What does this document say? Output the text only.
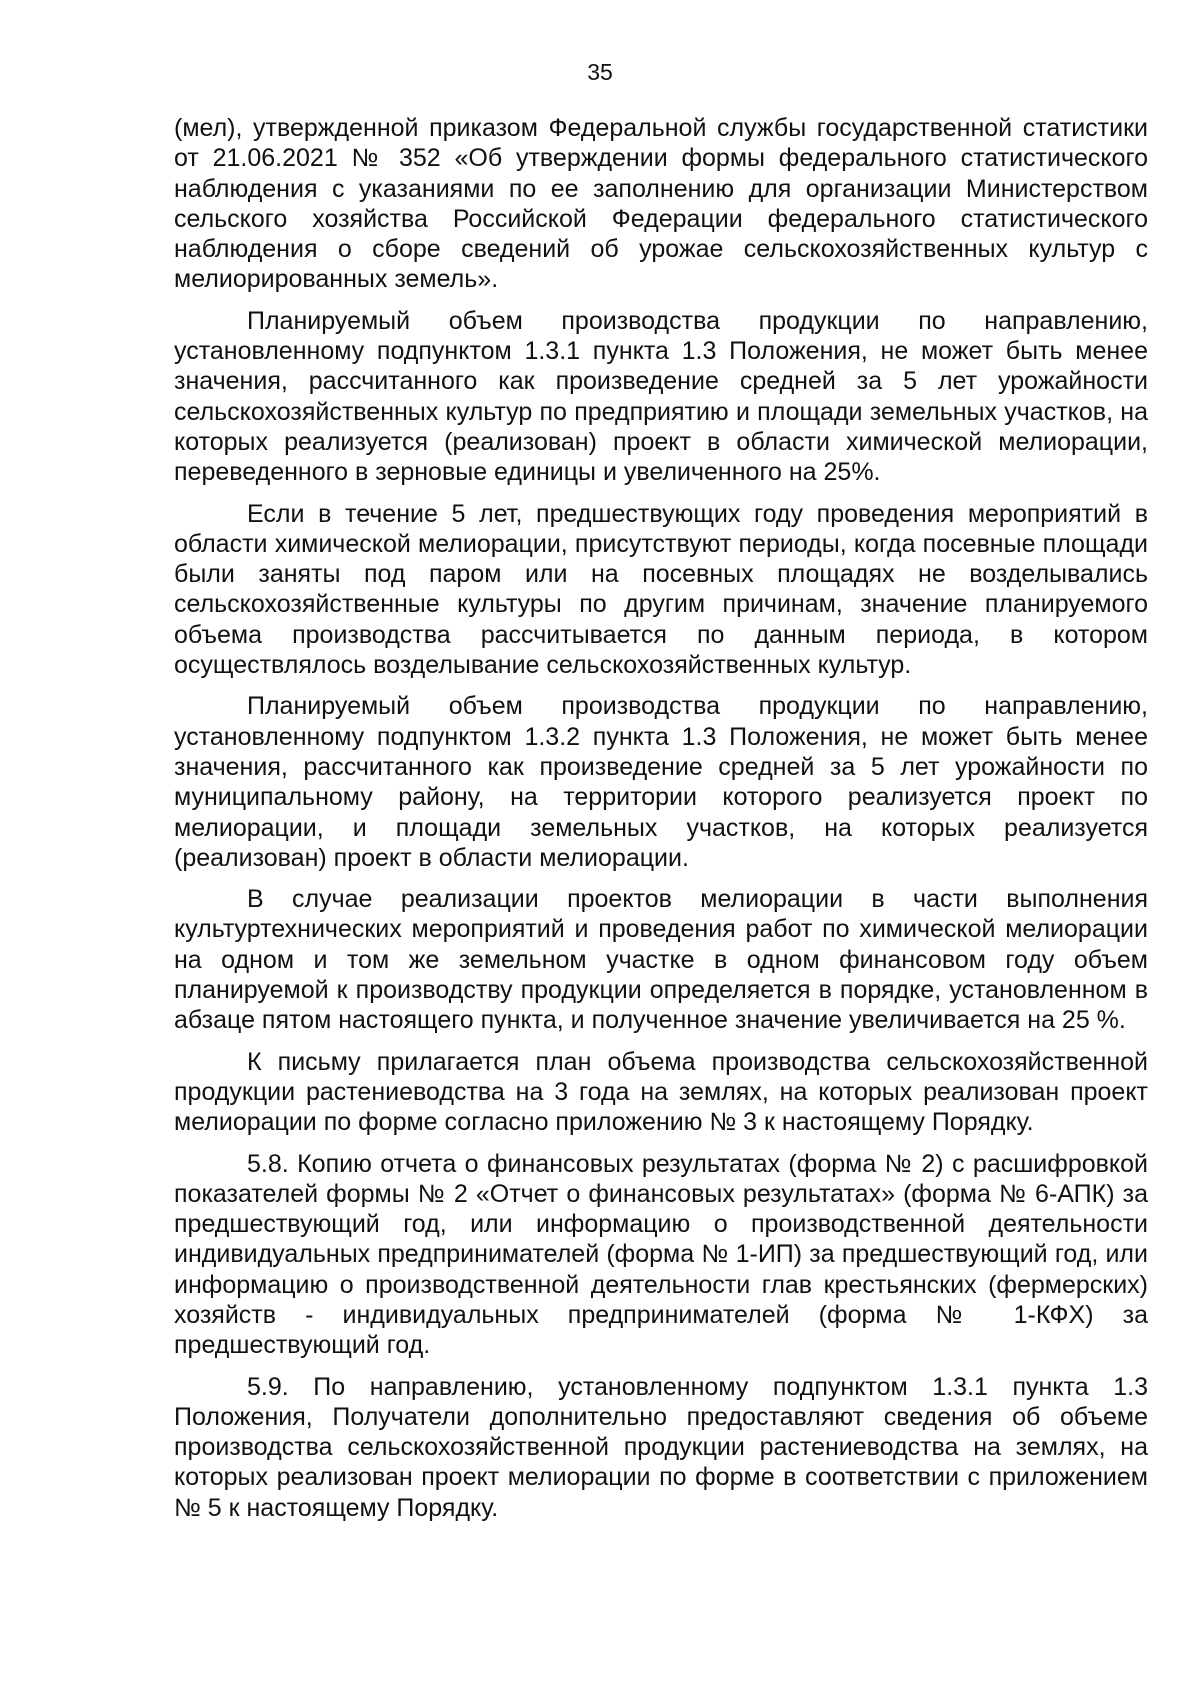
35

(мел), утвержденной приказом Федеральной службы государственной статистики от 21.06.2021 № 352 «Об утверждении формы федерального статистического наблюдения с указаниями по ее заполнению для организации Министерством сельского хозяйства Российской Федерации федерального статистического наблюдения о сборе сведений об урожае сельскохозяйственных культур с мелиорированных земель».

Планируемый объем производства продукции по направлению, установленному подпунктом 1.3.1 пункта 1.3 Положения, не может быть менее значения, рассчитанного как произведение средней за 5 лет урожайности сельскохозяйственных культур по предприятию и площади земельных участков, на которых реализуется (реализован) проект в области химической мелиорации, переведенного в зерновые единицы и увеличенного на 25%.

Если в течение 5 лет, предшествующих году проведения мероприятий в области химической мелиорации, присутствуют периоды, когда посевные площади были заняты под паром или на посевных площадях не возделывались сельскохозяйственные культуры по другим причинам, значение планируемого объема производства рассчитывается по данным периода, в котором осуществлялось возделывание сельскохозяйственных культур.

Планируемый объем производства продукции по направлению, установленному подпунктом 1.3.2 пункта 1.3 Положения, не может быть менее значения, рассчитанного как произведение средней за 5 лет урожайности по муниципальному району, на территории которого реализуется проект по мелиорации, и площади земельных участков, на которых реализуется (реализован) проект в области мелиорации.

В случае реализации проектов мелиорации в части выполнения культуртехнических мероприятий и проведения работ по химической мелиорации на одном и том же земельном участке в одном финансовом году объем планируемой к производству продукции определяется в порядке, установленном в абзаце пятом настоящего пункта, и полученное значение увеличивается на 25 %.

К письму прилагается план объема производства сельскохозяйственной продукции растениеводства на 3 года на землях, на которых реализован проект мелиорации по форме согласно приложению № 3 к настоящему Порядку.

5.8. Копию отчета о финансовых результатах (форма № 2) с расшифровкой показателей формы № 2 «Отчет о финансовых результатах» (форма № 6-АПК) за предшествующий год, или информацию о производственной деятельности индивидуальных предпринимателей (форма № 1-ИП) за предшествующий год, или информацию о производственной деятельности глав крестьянских (фермерских) хозяйств - индивидуальных предпринимателей (форма № 1-КФХ) за предшествующий год.

5.9. По направлению, установленному подпунктом 1.3.1 пункта 1.3 Положения, Получатели дополнительно предоставляют сведения об объеме производства сельскохозяйственной продукции растениеводства на землях, на которых реализован проект мелиорации по форме в соответствии с приложением № 5 к настоящему Порядку.
